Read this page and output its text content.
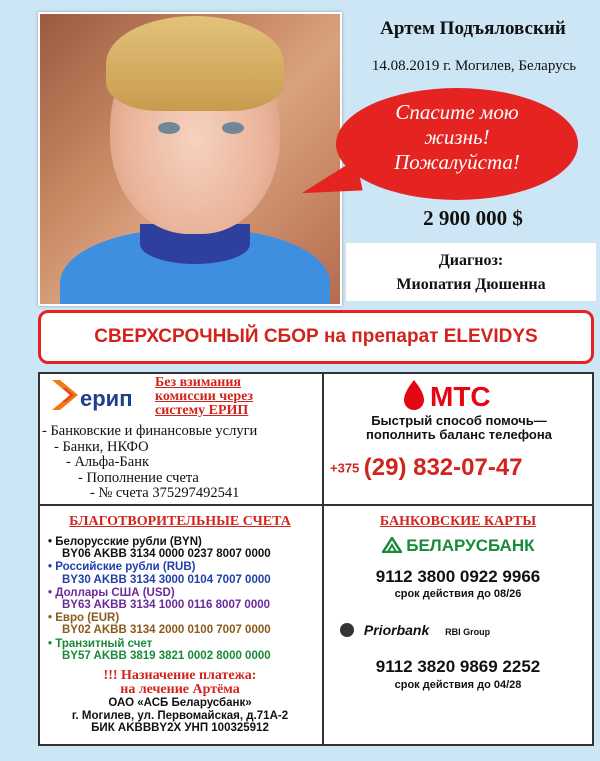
Артем Подъяловский
14.08.2019 г. Могилев, Беларусь
Спасите мою
жизнь!
Пожалуйста!
2 900 000 $
Диагноз:
Миопатия Дюшенна
СВЕРХСРОЧНЫЙ СБОР на препарат ELEVIDYS
ерип
Без взимания
комиссии через
систему ЕРИП
- Банковские и финансовые услуги
- Банки, НКФО
- Альфа-Банк
- Пополнение счета
- № счета 375297492541
МТС
Быстрый способ помочь—
пополнить баланс телефона
+375 (29) 832-07-47
БЛАГОТВОРИТЕЛЬНЫЕ СЧЕТА
• Белорусские рубли (BYN)
BY06 AKBB 3134 0000 0237 8007 0000
• Российские рубли (RUB)
BY30 AKBB 3134 3000 0104 7007 0000
• Доллары США (USD)
BY63 AKBB 3134 1000 0116 8007 0000
• Евро (EUR)
BY02 AKBB 3134 2000 0100 7007 0000
• Транзитный счет
BY57 AKBB 3819 3821 0002 8000 0000
!!! Назначение платежа:
на лечение Артёма
ОАО «АСБ Беларусбанк»
г. Могилев, ул. Первомайская, д.71А-2
БИК AKBBBY2X УНП 100325912
БАНКОВСКИЕ КАРТЫ
БЕЛАРУСБАНК
9112 3800 0922 9966
срок действия до 08/26
Priorbank RBI Group
9112 3820 9869 2252
срок действия до 04/28
